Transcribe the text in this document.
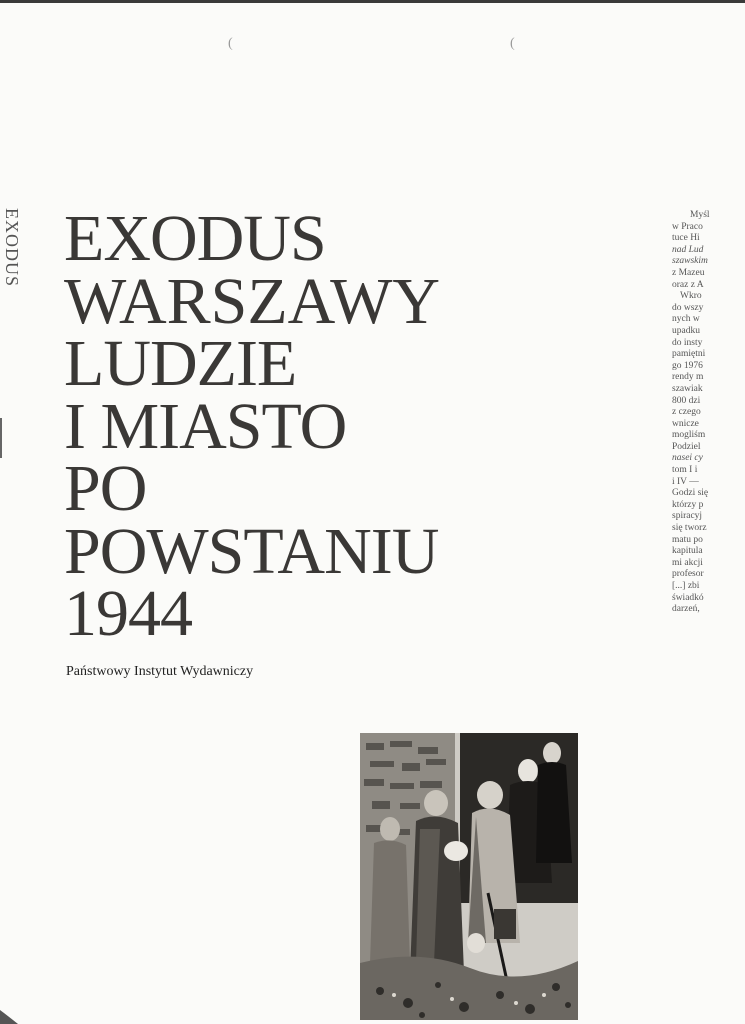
EXODUS
(	(
EXODUS
WARSZAWY
LUDZIE
I MIASTO
PO
POWSTANIU
1944
Państwowy Instytut Wydawniczy
Myśl
w Praco
tuce Hi
nad Lud
szawskim
z Mazeu
oraz z A
Wkro
do wszy
nych w
upadku
do insty
pamiętni
go 1976
rendy m
szawiak
800 dzi
z czego
wnicze
mogliśm
Podziel
nasei cy
tom I i
i IV —
Godzi się
którzy p
spiracyj
się tworz
matu po
kapitula
mi akcji
profesor
[...] zbi
świadkó
darzeń,
